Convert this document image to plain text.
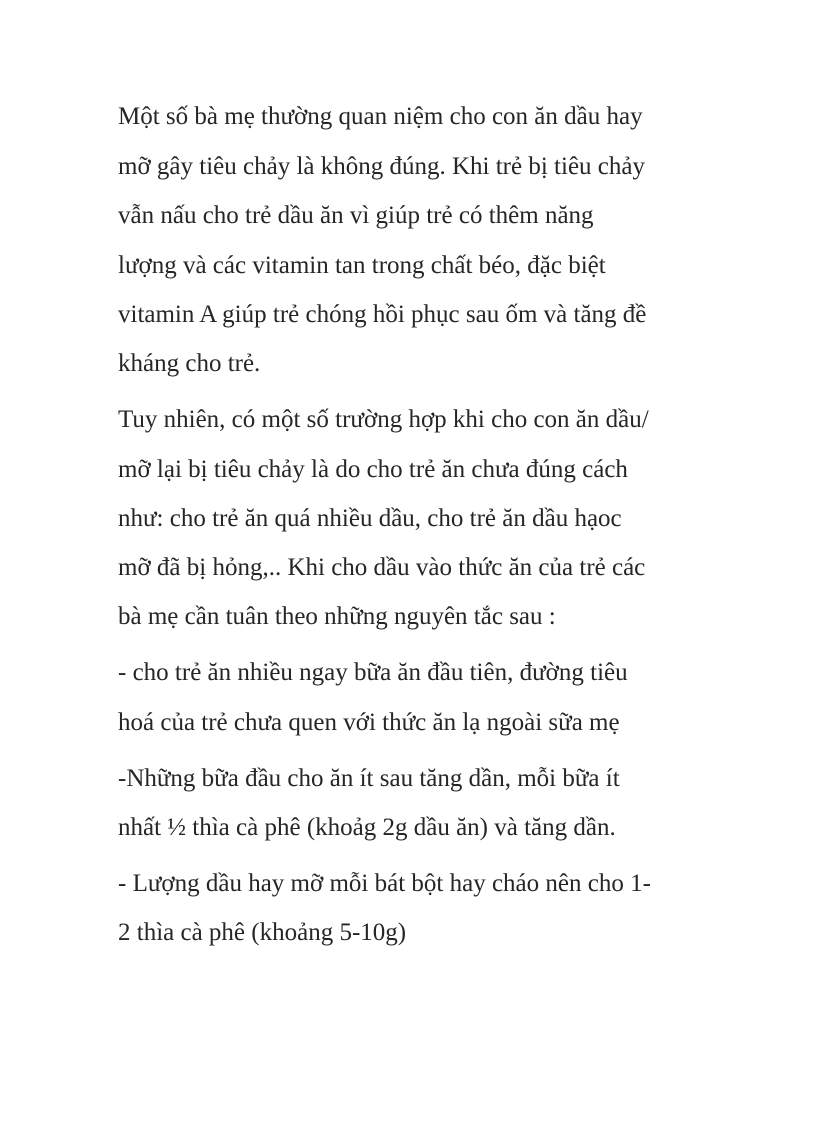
Một số bà mẹ thường quan niệm cho con ăn dầu hay

mỡ gây tiêu chảy là không đúng. Khi trẻ bị tiêu chảy

vẫn nấu cho trẻ dầu ăn vì giúp trẻ có thêm năng

lượng và các vitamin tan trong chất béo, đặc biệt

vitamin A giúp trẻ chóng hồi phục sau ốm và tăng đề

kháng cho trẻ.

Tuy nhiên, có một số trường hợp khi cho con ăn dầu/

mỡ lại bị tiêu chảy là do cho trẻ ăn chưa đúng cách

như: cho trẻ ăn quá nhiều dầu, cho trẻ ăn dầu hạoc

mỡ đã bị hỏng,.. Khi cho dầu vào thức ăn của trẻ các

bà mẹ cần tuân theo những nguyên tắc sau :

- cho trẻ ăn nhiều ngay bữa ăn đầu tiên, đường tiêu

hoá của trẻ chưa quen với thức ăn lạ ngoài sữa mẹ

-Những bữa đầu cho ăn ít sau tăng dần, mỗi bữa ít

nhất ½ thìa cà phê (khoảg 2g dầu ăn) và tăng dần.

- Lượng dầu hay mỡ mỗi bát bột hay cháo nên cho 1-

2 thìa cà phê (khoảng 5-10g)
